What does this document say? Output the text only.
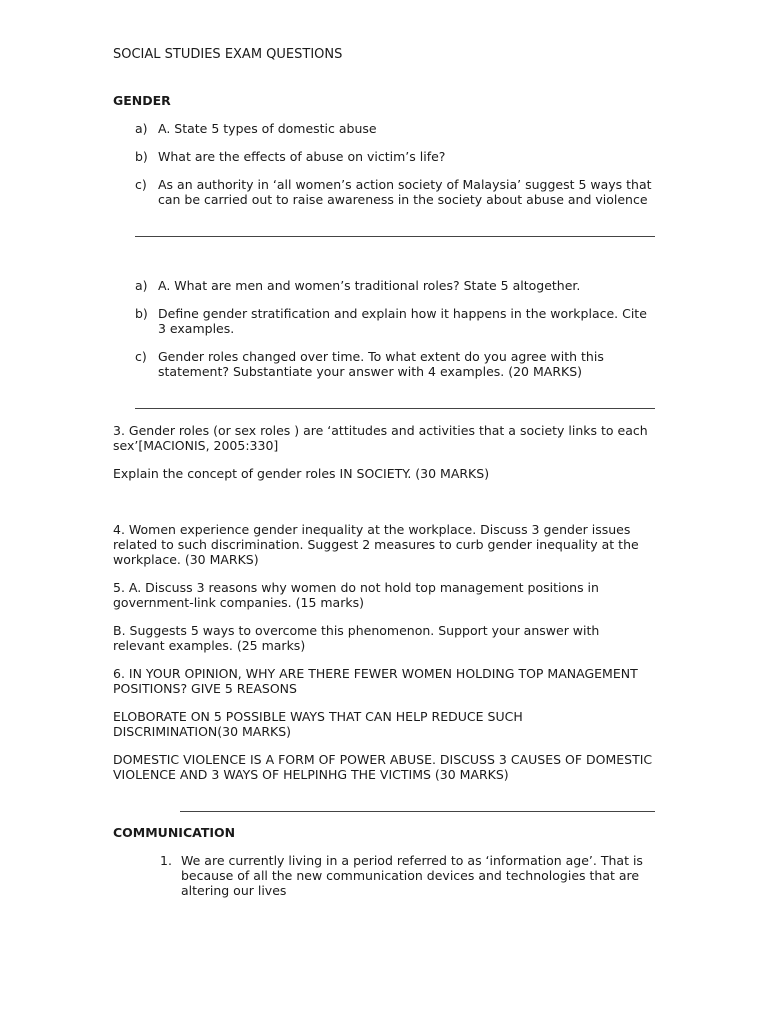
SOCIAL STUDIES EXAM QUESTIONS

GENDER

a) A. State 5 types of domestic abuse

b) What are the effects of abuse on victim’s life?

c) As an authority in ‘all women’s action society of Malaysia’ suggest 5 ways that

can be carried out to raise awareness in the society about abuse and violence

a) A. What are men and women’s traditional roles? State 5 altogether.

b) Define gender stratification and explain how it happens in the workplace. Cite

3 examples.

c) Gender roles changed over time. To what extent do you agree with this

statement? Substantiate your answer with 4 examples. (20 MARKS)

3. Gender roles (or sex roles ) are ‘attitudes and activities that a society links to each

sex’[MACIONIS, 2005:330]

Explain the concept of gender roles IN SOCIETY. (30 MARKS)

4. Women experience gender inequality at the workplace. Discuss 3 gender issues

related to such discrimination. Suggest 2 measures to curb gender inequality at the

workplace. (30 MARKS)

5. A. Discuss 3 reasons why women do not hold top management positions in

government-link companies. (15 marks)

B. Suggests 5 ways to overcome this phenomenon. Support your answer with

relevant examples. (25 marks)

6. IN YOUR OPINION, WHY ARE THERE FEWER WOMEN HOLDING TOP MANAGEMENT

POSITIONS? GIVE 5 REASONS

ELOBORATE ON 5 POSSIBLE WAYS THAT CAN HELP REDUCE SUCH

DISCRIMINATION(30 MARKS)

DOMESTIC VIOLENCE IS A FORM OF POWER ABUSE. DISCUSS 3 CAUSES OF DOMESTIC

VIOLENCE AND 3 WAYS OF HELPINHG THE VICTIMS (30 MARKS)

COMMUNICATION

1. We are currently living in a period referred to as ‘information age’. That is

because of all the new communication devices and technologies that are

altering our lives
